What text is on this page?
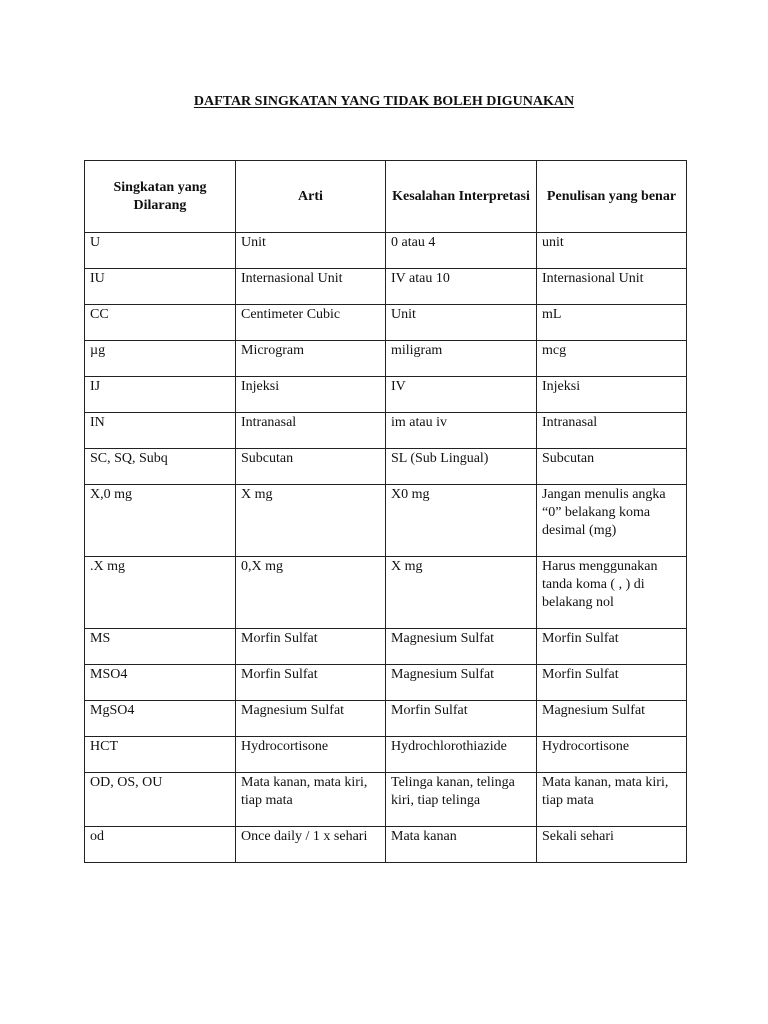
DAFTAR SINGKATAN YANG TIDAK BOLEH DIGUNAKAN
Singkatan yang Dilarang	Arti	Kesalahan Interpretasi	Penulisan yang benar
U	Unit	0 atau 4	unit
IU	Internasional Unit	IV atau 10	Internasional Unit
CC	Centimeter Cubic	Unit	mL
µg	Microgram	miligram	mcg
IJ	Injeksi	IV	Injeksi
IN	Intranasal	im atau iv	Intranasal
SC, SQ, Subq	Subcutan	SL (Sub Lingual)	Subcutan
X,0 mg	X mg	X0 mg	Jangan menulis angka “0” belakang koma desimal (mg)
.X mg	0,X mg	X mg	Harus menggunakan tanda koma ( , ) di belakang nol
MS	Morfin Sulfat	Magnesium Sulfat	Morfin Sulfat
MSO4	Morfin Sulfat	Magnesium Sulfat	Morfin Sulfat
MgSO4	Magnesium Sulfat	Morfin Sulfat	Magnesium Sulfat
HCT	Hydrocortisone	Hydrochlorothiazide	Hydrocortisone
OD, OS, OU	Mata kanan, mata kiri, tiap mata	Telinga kanan, telinga kiri, tiap telinga	Mata kanan, mata kiri, tiap mata
od	Once daily / 1 x sehari	Mata kanan	Sekali sehari
